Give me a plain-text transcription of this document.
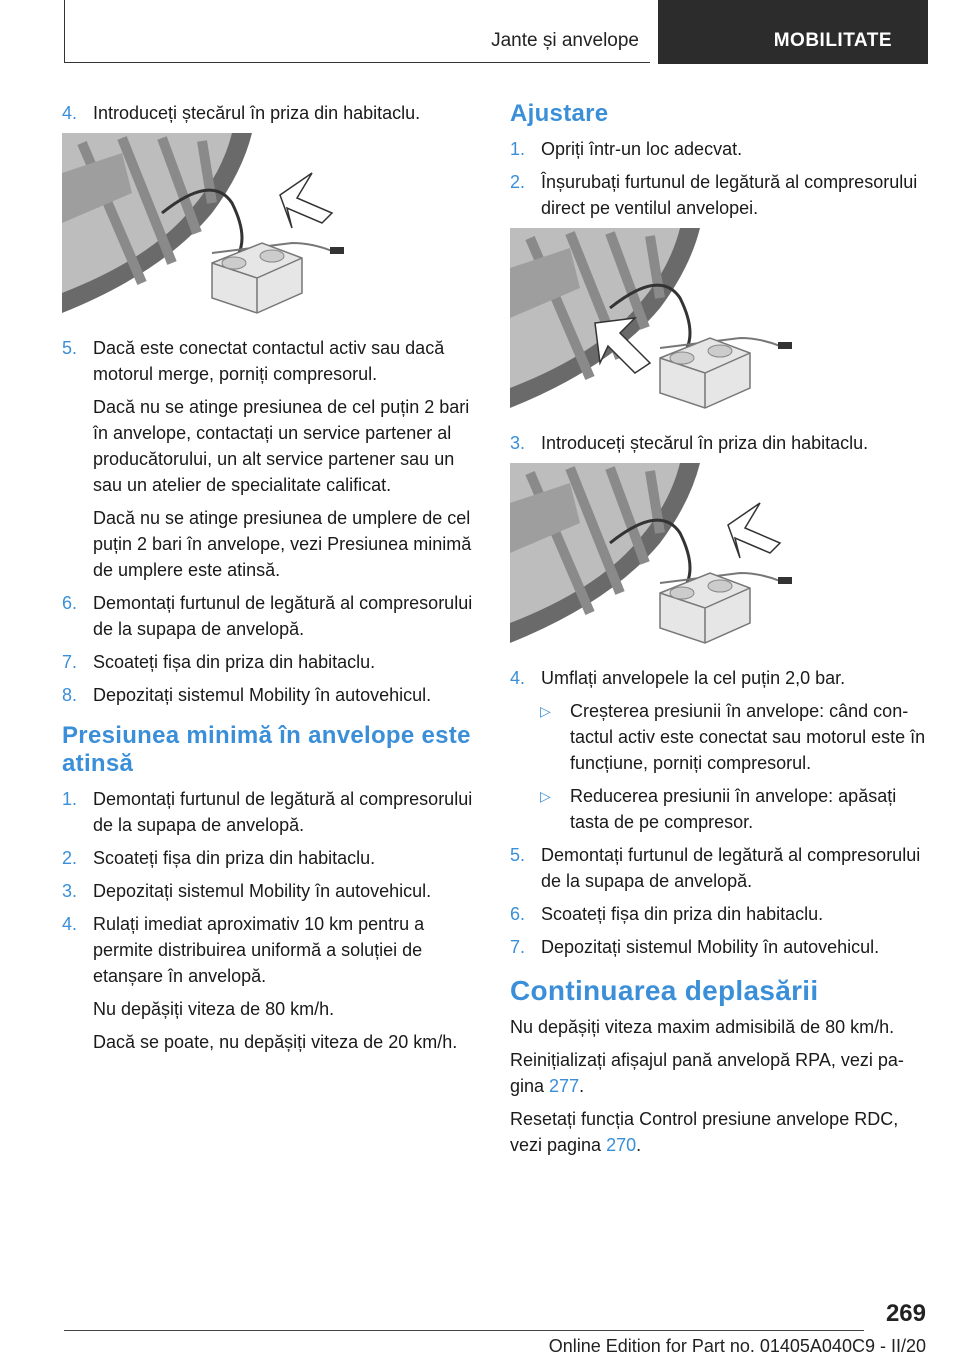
Jante și anvelope	MOBILITATE
4. Introduceți ștecărul în priza din habitaclu.
5. Dacă este conectat contactul activ sau dacă motorul merge, porniți compresorul.
Dacă nu se atinge presiunea de cel puțin 2 bari în anvelope, contactați un service partener al producătorului, un alt service partener sau un sau un atelier de specialitate calificat.
Dacă nu se atinge presiunea de umplere de cel puțin 2 bari în anvelope, vezi Presiunea minimă de umplere este atinsă.
6. Demontați furtunul de legătură al compresorului de la supapa de anvelopă.
7. Scoateți fișa din priza din habitaclu.
8. Depozitați sistemul Mobility în autovehicul.
Presiunea minimă în anvelope este atinsă
1. Demontați furtunul de legătură al compresorului de la supapa de anvelopă.
2. Scoateți fișa din priza din habitaclu.
3. Depozitați sistemul Mobility în autovehicul.
4. Rulați imediat aproximativ 10 km pentru a permite distribuirea uniformă a soluției de etanșare în anvelopă.
Nu depășiți viteza de 80 km/h.
Dacă se poate, nu depășiți viteza de 20 km/h.
Ajustare
1. Opriți într-un loc adecvat.
2. Înșurubați furtunul de legătură al compresorului direct pe ventilul anvelopei.
3. Introduceți ștecărul în priza din habitaclu.
4. Umflați anvelopele la cel puțin 2,0 bar.
▷ Creșterea presiunii în anvelope: când contactul activ este conectat sau motorul este în funcțiune, porniți compresorul.
▷ Reducerea presiunii în anvelope: apăsați tasta de pe compresor.
5. Demontați furtunul de legătură al compresorului de la supapa de anvelopă.
6. Scoateți fișa din priza din habitaclu.
7. Depozitați sistemul Mobility în autovehicul.
Continuarea deplasării
Nu depășiți viteza maxim admisibilă de 80 km/h.
Reinițializați afișajul pană anvelopă RPA, vezi pagina 277.
Resetați funcția Control presiune anvelope RDC, vezi pagina 270.
269
Online Edition for Part no. 01405A040C9 - II/20
